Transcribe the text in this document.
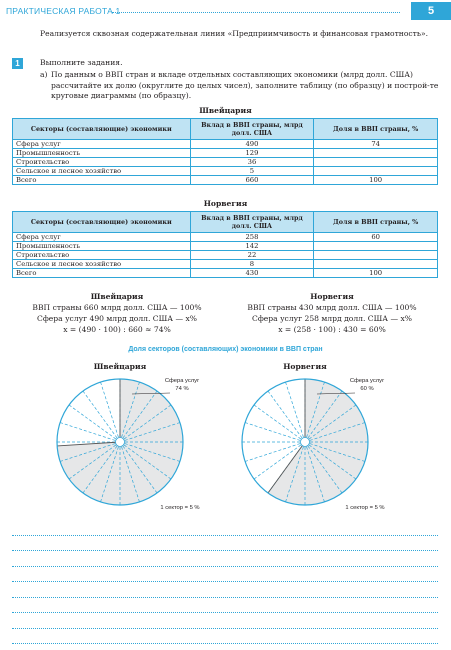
ПРАКТИЧЕСКАЯ РАБОТА 1	5

Реализуется сквозная содержательная линия «Предприимчивость и финансовая грамотность».

1	Выполните задания.

а) По данным о ВВП стран и вкладе отдельных составляющих экономики (млрд долл. США) рассчитайте их долю (округлите до целых чисел), заполните таблицу (по образцу) и построй-те круговые диаграммы (по образцу).
Швейцария
Секторы (составляющие) экономики	Вклад в ВВП страны, млрд долл. США	Доля в ВВП страны, %
Сфера услуг	490	74
Промышленность	129	
Строительство	36	
Сельское и лесное хозяйство	5	
Всего	660	100
Норвегия
Секторы (составляющие) экономики	Вклад в ВВП страны, млрд долл. США	Доля в ВВП страны, %
Сфера услуг	258	60
Промышленность	142	
Строительство	22	
Сельское и лесное хозяйство	8	
Всего	430	100
Швейцария
ВВП страны 660 млрд долл. США — 100%
Сфера услуг 490 млрд долл. США — x%
x = (490 · 100) : 660 ≈ 74%
Норвегия
ВВП страны 430 млрд долл. США — 100%
Сфера услуг 258 млрд долл. США — x%
x = (258 · 100) : 430 = 60%
Доля секторов (составляющих) экономики в ВВП стран
Швейцария
Сфера услуг
74 %
1 сектор = 5 %
Норвегия
Сфера услуг
60 %
1 сектор = 5 %
